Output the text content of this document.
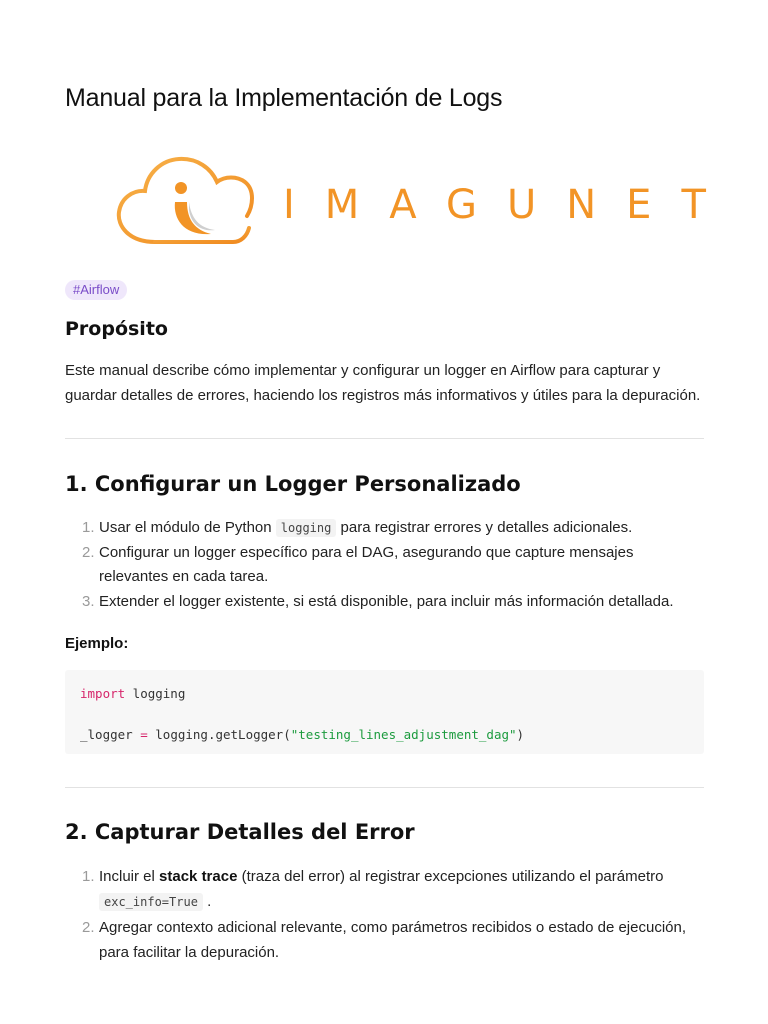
Manual para la Implementación de Logs
IMAGUNET
#Airflow
Propósito

Este manual describe cómo implementar y configurar un logger en Airflow para capturar y guardar detalles de errores, haciendo los registros más informativos y útiles para la depuración.

1. Configurar un Logger Personalizado
1. Usar el módulo de Python logging para registrar errores y detalles adicionales.
2. Configurar un logger específico para el DAG, asegurando que capture mensajes relevantes en cada tarea.
3. Extender el logger existente, si está disponible, para incluir más información detallada.

Ejemplo:

import logging

_logger = logging.getLogger("testing_lines_adjustment_dag")
2. Capturar Detalles del Error
1. Incluir el stack trace (traza del error) al registrar excepciones utilizando el parámetro
exc_info=True .
2. Agregar contexto adicional relevante, como parámetros recibidos o estado de ejecución, para facilitar la depuración.
